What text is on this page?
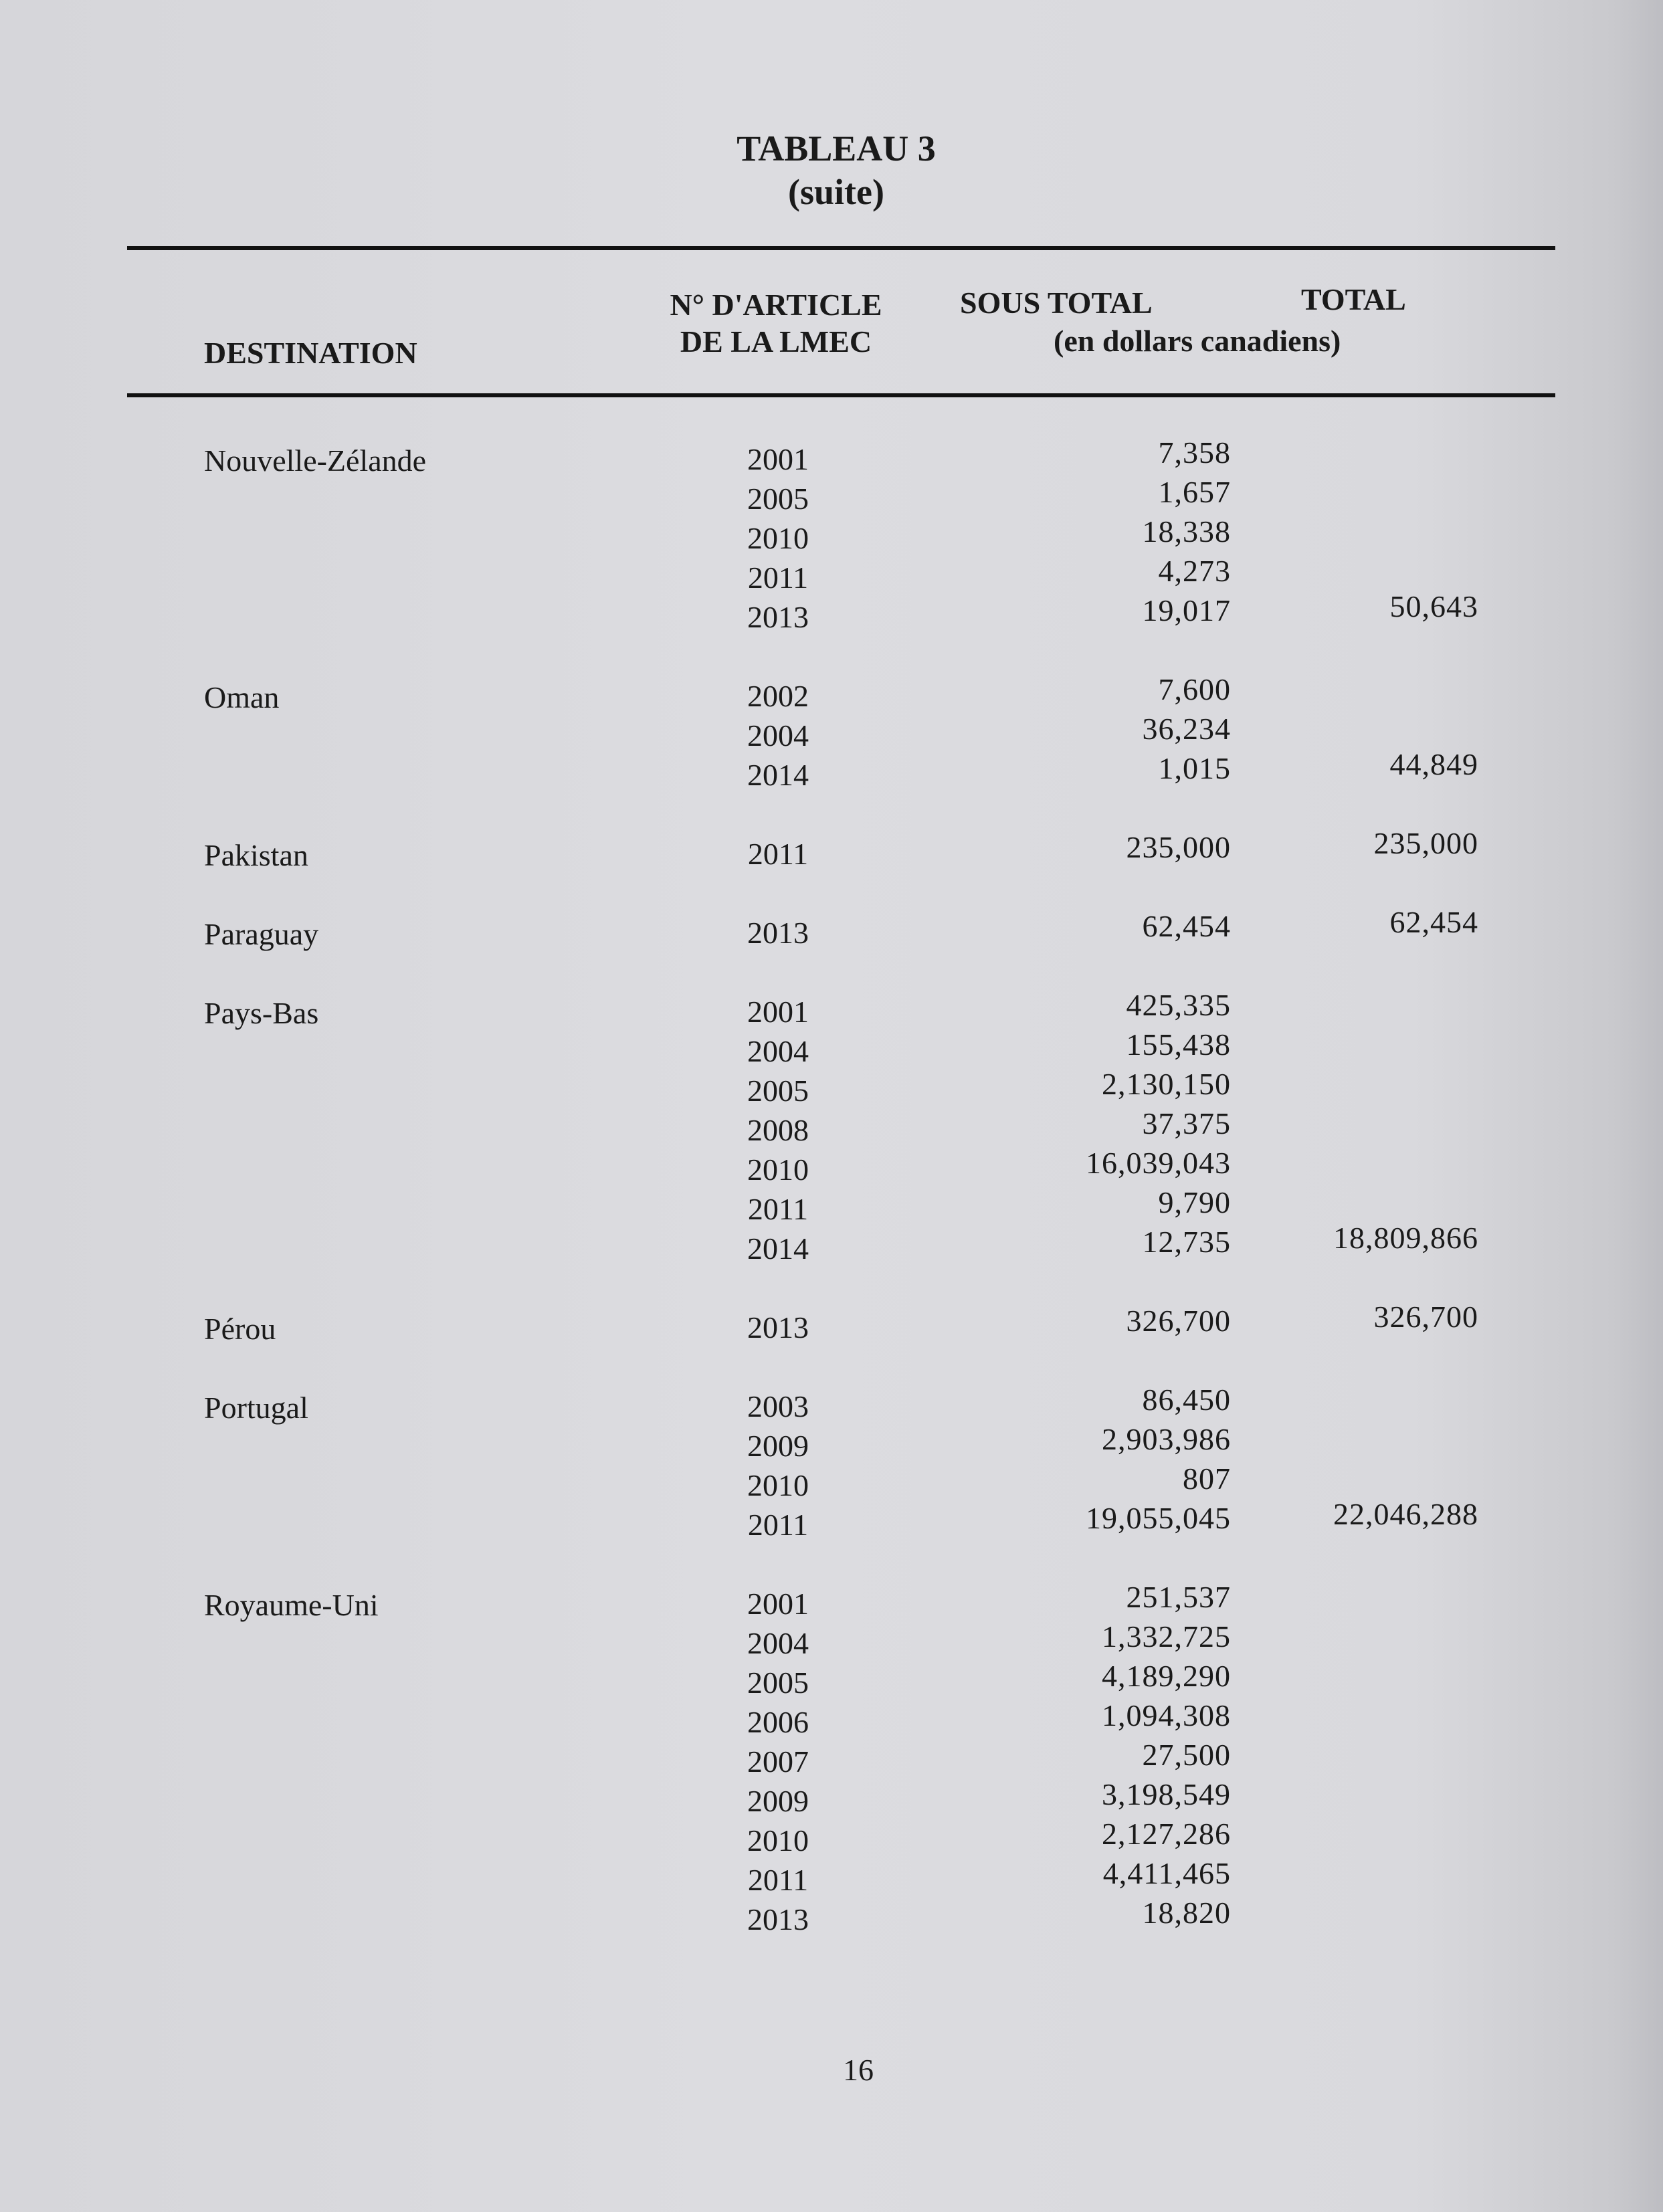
TABLEAU 3
(suite)
DESTINATION
N° D'ARTICLE
DE LA LMEC
SOUS TOTAL	TOTAL
(en dollars canadiens)
Nouvelle-Zélande	2001	7,358
2005	1,657
2010	18,338
2011	4,273
2013	19,017	50,643
Oman	2002	7,600
2004	36,234
2014	1,015	44,849
Pakistan	2011	235,000	235,000
Paraguay	2013	62,454	62,454
Pays-Bas	2001	425,335
2004	155,438
2005	2,130,150
2008	37,375
2010	16,039,043
2011	9,790
2014	12,735	18,809,866
Pérou	2013	326,700	326,700
Portugal	2003	86,450
2009	2,903,986
2010	807
2011	19,055,045	22,046,288
Royaume-Uni	2001	251,537
2004	1,332,725
2005	4,189,290
2006	1,094,308
2007	27,500
2009	3,198,549
2010	2,127,286
2011	4,411,465
2013	18,820
16
